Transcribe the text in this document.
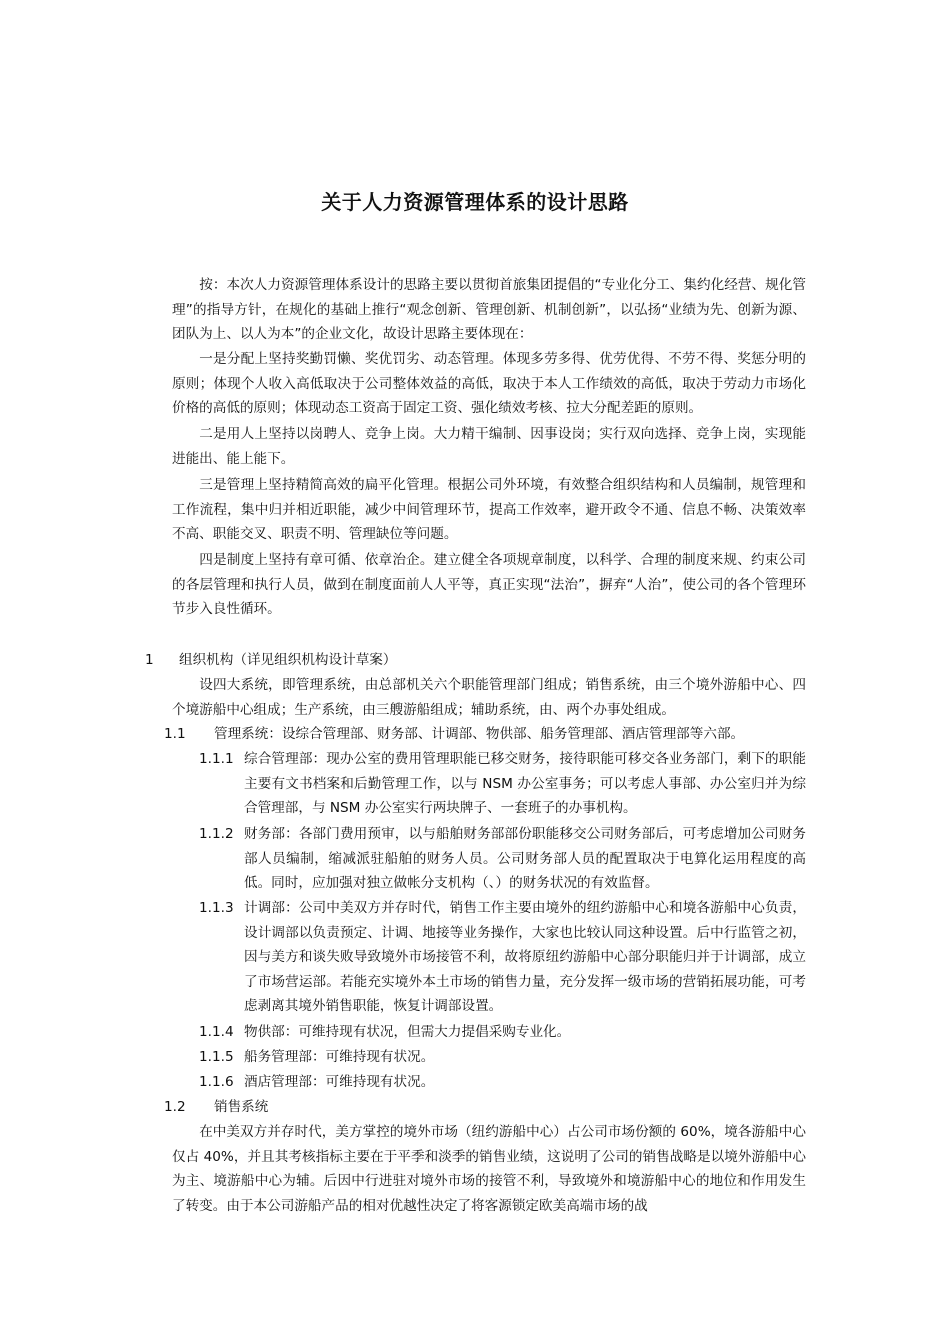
关于人力资源管理体系的设计思路

按：本次人力资源管理体系设计的思路主要以贯彻首旅集团提倡的“专业化分工、集约化经营、规化管理”的指导方针，在规化的基础上推行“观念创新、管理创新、机制创新”，以弘扬“业绩为先、创新为源、团队为上、以人为本”的企业文化，故设计思路主要体现在：

一是分配上坚持奖勤罚懒、奖优罚劣、动态管理。体现多劳多得、优劳优得、不劳不得、奖惩分明的原则；体现个人收入高低取决于公司整体效益的高低，取决于本人工作绩效的高低，取决于劳动力市场化价格的高低的原则；体现动态工资高于固定工资、强化绩效考核、拉大分配差距的原则。

二是用人上坚持以岗聘人、竞争上岗。大力精干编制、因事设岗；实行双向选择、竞争上岗，实现能进能出、能上能下。

三是管理上坚持精简高效的扁平化管理。根据公司外环境，有效整合组织结构和人员编制，规管理和工作流程，集中归并相近职能，减少中间管理环节，提高工作效率，避开政令不通、信息不畅、决策效率不高、职能交叉、职责不明、管理缺位等问题。

四是制度上坚持有章可循、依章治企。建立健全各项规章制度，以科学、合理的制度来规、约束公司的各层管理和执行人员，做到在制度面前人人平等，真正实现“法治”，摒弃“人治”，使公司的各个管理环节步入良性循环。

1 组织机构（详见组织机构设计草案）

设四大系统，即管理系统，由总部机关六个职能管理部门组成；销售系统，由三个境外游船中心、四个境游船中心组成；生产系统，由三艘游船组成；辅助系统，由、两个办事处组成。

1.1 管理系统：设综合管理部、财务部、计调部、物供部、船务管理部、酒店管理部等六部。
1.1.1 综合管理部：现办公室的费用管理职能已移交财务，接待职能可移交各业务部门，剩下的职能主要有文书档案和后勤管理工作，以与 NSM 办公室事务；可以考虑人事部、办公室归并为综合管理部，与 NSM 办公室实行两块牌子、一套班子的办事机构。
1.1.2 财务部：各部门费用预审，以与船舶财务部部份职能移交公司财务部后，可考虑增加公司财务部人员编制，缩减派驻船舶的财务人员。公司财务部人员的配置取决于电算化运用程度的高低。同时，应加强对独立做帐分支机构（、）的财务状况的有效监督。
1.1.3 计调部：公司中美双方并存时代，销售工作主要由境外的纽约游船中心和境各游船中心负责，设计调部以负责预定、计调、地接等业务操作，大家也比较认同这种设置。后中行监管之初，因与美方和谈失败导致境外市场接管不利，故将原纽约游船中心部分职能归并于计调部，成立了市场营运部。若能充实境外本土市场的销售力量，充分发挥一级市场的营销拓展功能，可考虑剥离其境外销售职能，恢复计调部设置。
1.1.4 物供部：可维持现有状况，但需大力提倡采购专业化。
1.1.5 船务管理部：可维持现有状况。
1.1.6 酒店管理部：可维持现有状况。
1.2 销售系统

在中美双方并存时代，美方掌控的境外市场（纽约游船中心）占公司市场份额的 60%，境各游船中心仅占 40%，并且其考核指标主要在于平季和淡季的销售业绩，这说明了公司的销售战略是以境外游船中心为主、境游船中心为辅。后因中行进驻对境外市场的接管不利，导致境外和境游船中心的地位和作用发生了转变。由于本公司游船产品的相对优越性决定了将客源锁定欧美高端市场的战
